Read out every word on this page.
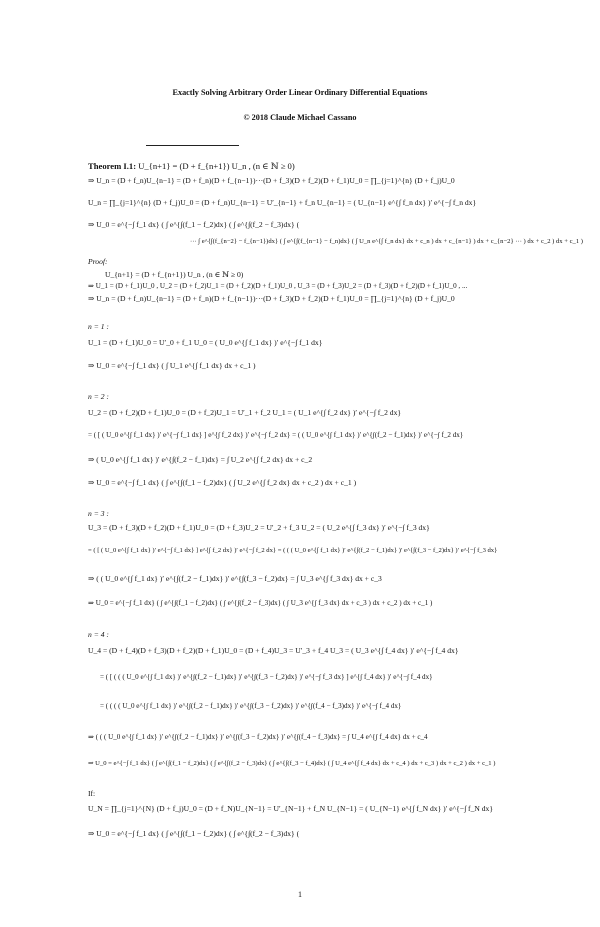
Exactly Solving Arbitrary Order Linear Ordinary Differential Equations
© 2018 Claude Michael Cassano
Theorem I.1: U_{n+1} = (D + f_{n+1}) U_n , (n ∈ ℕ ≥ 0)
⇒ U_n = (D + f_n)U_{n−1} = (D + f_n)(D + f_{n−1})···(D + f_3)(D + f_2)(D + f_1)U_0 = ∏_{j=1}^{n} (D + f_j)U_0
U_n = ∏_{j=1}^{n} (D + f_j)U_0 = (D + f_n)U_{n−1} = U′_{n−1} + f_n U_{n−1} = ( U_{n−1} e^{∫ f_n dx} )′ e^{−∫ f_n dx}
⇒ U_0 = e^{−∫ f_1 dx} ( ∫ e^{∫(f_1 − f_2)dx} ( ∫ e^{∫(f_2 − f_3)dx} (
··· ∫ e^{∫(f_{n−2} − f_{n−1})dx} ( ∫ e^{∫(f_{n−1} − f_n)dx} ( ∫ U_n e^{∫ f_n dx} dx + c_n ) dx + c_{n−1} ) dx + c_{n−2} ··· ) dx + c_2 ) dx + c_1 )
Proof:
U_{n+1} = (D + f_{n+1}) U_n , (n ∈ ℕ ≥ 0)
⇒ U_1 = (D + f_1)U_0 , U_2 = (D + f_2)U_1 = (D + f_2)(D + f_1)U_0 , U_3 = (D + f_3)U_2 = (D + f_3)(D + f_2)(D + f_1)U_0 , ...
⇒ U_n = (D + f_n)U_{n−1} = (D + f_n)(D + f_{n−1})···(D + f_3)(D + f_2)(D + f_1)U_0 = ∏_{j=1}^{n} (D + f_j)U_0
n = 1 :
U_1 = (D + f_1)U_0 = U′_0 + f_1 U_0 = ( U_0 e^{∫ f_1 dx} )′ e^{−∫ f_1 dx}
⇒ U_0 = e^{−∫ f_1 dx} ( ∫ U_1 e^{∫ f_1 dx} dx + c_1 )
n = 2 :
U_2 = (D + f_2)(D + f_1)U_0 = (D + f_2)U_1 = U′_1 + f_2 U_1 = ( U_1 e^{∫ f_2 dx} )′ e^{−∫ f_2 dx}
= ( [ ( U_0 e^{∫ f_1 dx} )′ e^{−∫ f_1 dx} ] e^{∫ f_2 dx} )′ e^{−∫ f_2 dx} = ( ( U_0 e^{∫ f_1 dx} )′ e^{∫(f_2 − f_1)dx} )′ e^{−∫ f_2 dx}
⇒ ( U_0 e^{∫ f_1 dx} )′ e^{∫(f_2 − f_1)dx} = ∫ U_2 e^{∫ f_2 dx} dx + c_2
⇒ U_0 = e^{−∫ f_1 dx} ( ∫ e^{∫(f_1 − f_2)dx} ( ∫ U_2 e^{∫ f_2 dx} dx + c_2 ) dx + c_1 )
n = 3 :
U_3 = (D + f_3)(D + f_2)(D + f_1)U_0 = (D + f_3)U_2 = U′_2 + f_3 U_2 = ( U_2 e^{∫ f_3 dx} )′ e^{−∫ f_3 dx}
= ( [ ( U_0 e^{∫ f_1 dx} )′ e^{−∫ f_1 dx} ] e^{∫ f_2 dx} )′ e^{−∫ f_2 dx} = ( ( ( U_0 e^{∫ f_1 dx} )′ e^{∫(f_2 − f_1)dx} )′ e^{∫(f_3 − f_2)dx} )′ e^{−∫ f_3 dx}
⇒ ( ( U_0 e^{∫ f_1 dx} )′ e^{∫(f_2 − f_1)dx} )′ e^{∫(f_3 − f_2)dx} = ∫ U_3 e^{∫ f_3 dx} dx + c_3
⇒ U_0 = e^{−∫ f_1 dx} ( ∫ e^{∫(f_1 − f_2)dx} ( ∫ e^{∫(f_2 − f_3)dx} ( ∫ U_3 e^{∫ f_3 dx} dx + c_3 ) dx + c_2 ) dx + c_1 )
n = 4 :
U_4 = (D + f_4)(D + f_3)(D + f_2)(D + f_1)U_0 = (D + f_4)U_3 = U′_3 + f_4 U_3 = ( U_3 e^{∫ f_4 dx} )′ e^{−∫ f_4 dx}
= ( [ ( ( ( U_0 e^{∫ f_1 dx} )′ e^{∫(f_2 − f_1)dx} )′ e^{∫(f_3 − f_2)dx} )′ e^{−∫ f_3 dx} ] e^{∫ f_4 dx} )′ e^{−∫ f_4 dx}
= ( ( ( ( U_0 e^{∫ f_1 dx} )′ e^{∫(f_2 − f_1)dx} )′ e^{∫(f_3 − f_2)dx} )′ e^{∫(f_4 − f_3)dx} )′ e^{−∫ f_4 dx}
⇒ ( ( ( U_0 e^{∫ f_1 dx} )′ e^{∫(f_2 − f_1)dx} )′ e^{∫(f_3 − f_2)dx} )′ e^{∫(f_4 − f_3)dx} = ∫ U_4 e^{∫ f_4 dx} dx + c_4
⇒ U_0 = e^{−∫ f_1 dx} ( ∫ e^{∫(f_1 − f_2)dx} ( ∫ e^{∫(f_2 − f_3)dx} ( ∫ e^{∫(f_3 − f_4)dx} ( ∫ U_4 e^{∫ f_4 dx} dx + c_4 ) dx + c_3 ) dx + c_2 ) dx + c_1 )
If:
U_N = ∏_{j=1}^{N} (D + f_j)U_0 = (D + f_N)U_{N−1} = U′_{N−1} + f_N U_{N−1} = ( U_{N−1} e^{∫ f_N dx} )′ e^{−∫ f_N dx}
⇒ U_0 = e^{−∫ f_1 dx} ( ∫ e^{∫(f_1 − f_2)dx} ( ∫ e^{∫(f_2 − f_3)dx} (
1
